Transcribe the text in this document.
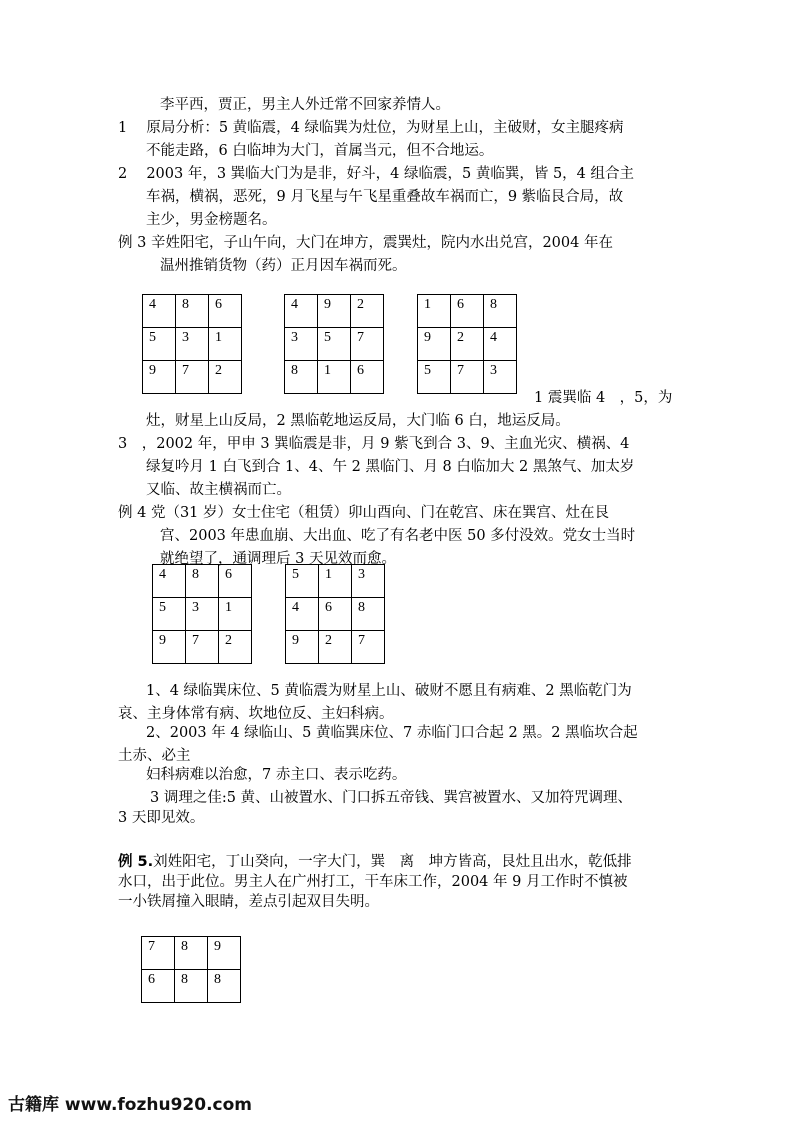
李平西，贾正，男主人外迁常不回家养情人。
1　 原局分析：5 黄临震，4 绿临巽为灶位，为财星上山，主破财，女主腿疼病
不能走路，6 白临坤为大门，首属当元，但不合地运。
2　 2003 年，3 巽临大门为是非，好斗，4 绿临震，5 黄临巽，皆 5，4 组合主
车祸，横祸，恶死，9 月飞星与午飞星重叠故车祸而亡，9 紫临艮合局，故
主少，男金榜题名。
例 3 辛姓阳宅，子山午向，大门在坤方，震巽灶，院内水出兑宫，2004 年在
温州推销货物（药）正月因车祸而死。
4	8	6
5	3	1
9	7	2
4	9	2
3	5	7
8	1	6
1	6	8
9	2	4
5	7	3
1 震巽临 4　，5，为
灶，财星上山反局，2 黑临乾地运反局，大门临 6 白，地运反局。
3　，2002 年，甲申 3 巽临震是非，月 9 紫飞到合 3、9、主血光灾、横祸、4
绿复吟月 1 白飞到合 1、4、午 2 黑临门、月 8 白临加大 2 黑煞气、加太岁
又临、故主横祸而亡。
例 4 党（31 岁）女士住宅（租赁）卯山酉向、门在乾宫、床在巽宫、灶在艮
宫、2003 年患血崩、大出血、吃了有名老中医 50 多付没效。党女士当时
就绝望了，通调理后 3 天见效而愈。
4	8	6
5	3	1
9	7	2
5	1	3
4	6	8
9	2	7
1、4 绿临巽床位、5 黄临震为财星上山、破财不愿且有病难、2 黑临乾门为
哀、主身体常有病、坎地位反、主妇科病。
2、2003 年 4 绿临山、5 黄临巽床位、7 赤临门口合起 2 黑。2 黑临坎合起
土赤、必主
妇科病难以治愈，7 赤主口、表示吃药。
3 调理之佳:5 黄、山被置水、门口拆五帝钱、巽宫被置水、又加符咒调理、
3 天即见效。
例 5.刘姓阳宅，丁山癸向，一字大门，巽　离　坤方皆高，艮灶且出水，乾低排
水口，出于此位。男主人在广州打工，干车床工作，2004 年 9 月工作时不慎被
一小铁屑撞入眼睛，差点引起双目失明。
7	8	9
6	8	8
古籍库 www.fozhu920.com
